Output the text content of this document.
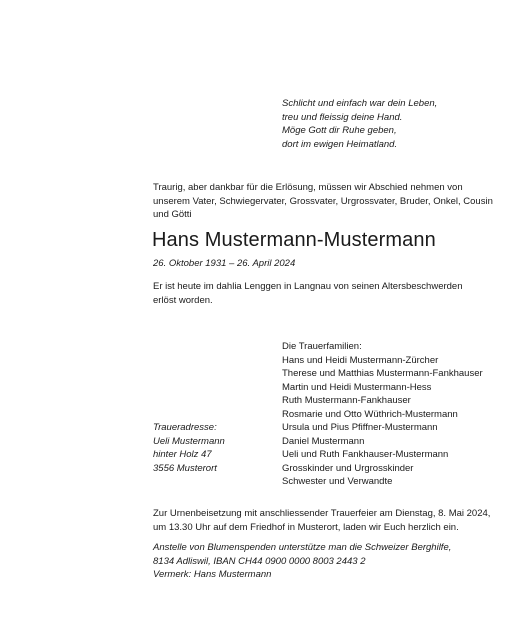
Schlicht und einfach war dein Leben,
treu und fleissig deine Hand.
Möge Gott dir Ruhe geben,
dort im ewigen Heimatland.
Traurig, aber dankbar für die Erlösung, müssen wir Abschied nehmen von unserem Vater, Schwiegervater, Grossvater, Urgrossvater, Bruder, Onkel, Cousin und Götti
Hans Mustermann-Mustermann
26. Oktober 1931 – 26. April 2024
Er ist heute im dahlia Lenggen in Langnau von seinen Altersbeschwerden erlöst worden.
Die Trauerfamilien:
Hans und Heidi Mustermann-Zürcher
Therese und Matthias Mustermann-Fankhauser
Martin und Heidi Mustermann-Hess
Ruth Mustermann-Fankhauser
Rosmarie und Otto Wüthrich-Mustermann
Ursula und Pius Pfiffner-Mustermann
Daniel Mustermann
Ueli und Ruth Fankhauser-Mustermann
Grosskinder und Urgrosskinder
Schwester und Verwandte
Traueradresse:
Ueli Mustermann
hinter Holz 47
3556 Musterort
Zur Urnenbeisetzung mit anschliessender Trauerfeier am Dienstag, 8. Mai 2024, um 13.30 Uhr auf dem Friedhof in Musterort, laden wir Euch herzlich ein.
Anstelle von Blumenspenden unterstütze man die Schweizer Berghilfe,
8134 Adliswil, IBAN CH44 0900 0000 8003 2443 2
Vermerk: Hans Mustermann
